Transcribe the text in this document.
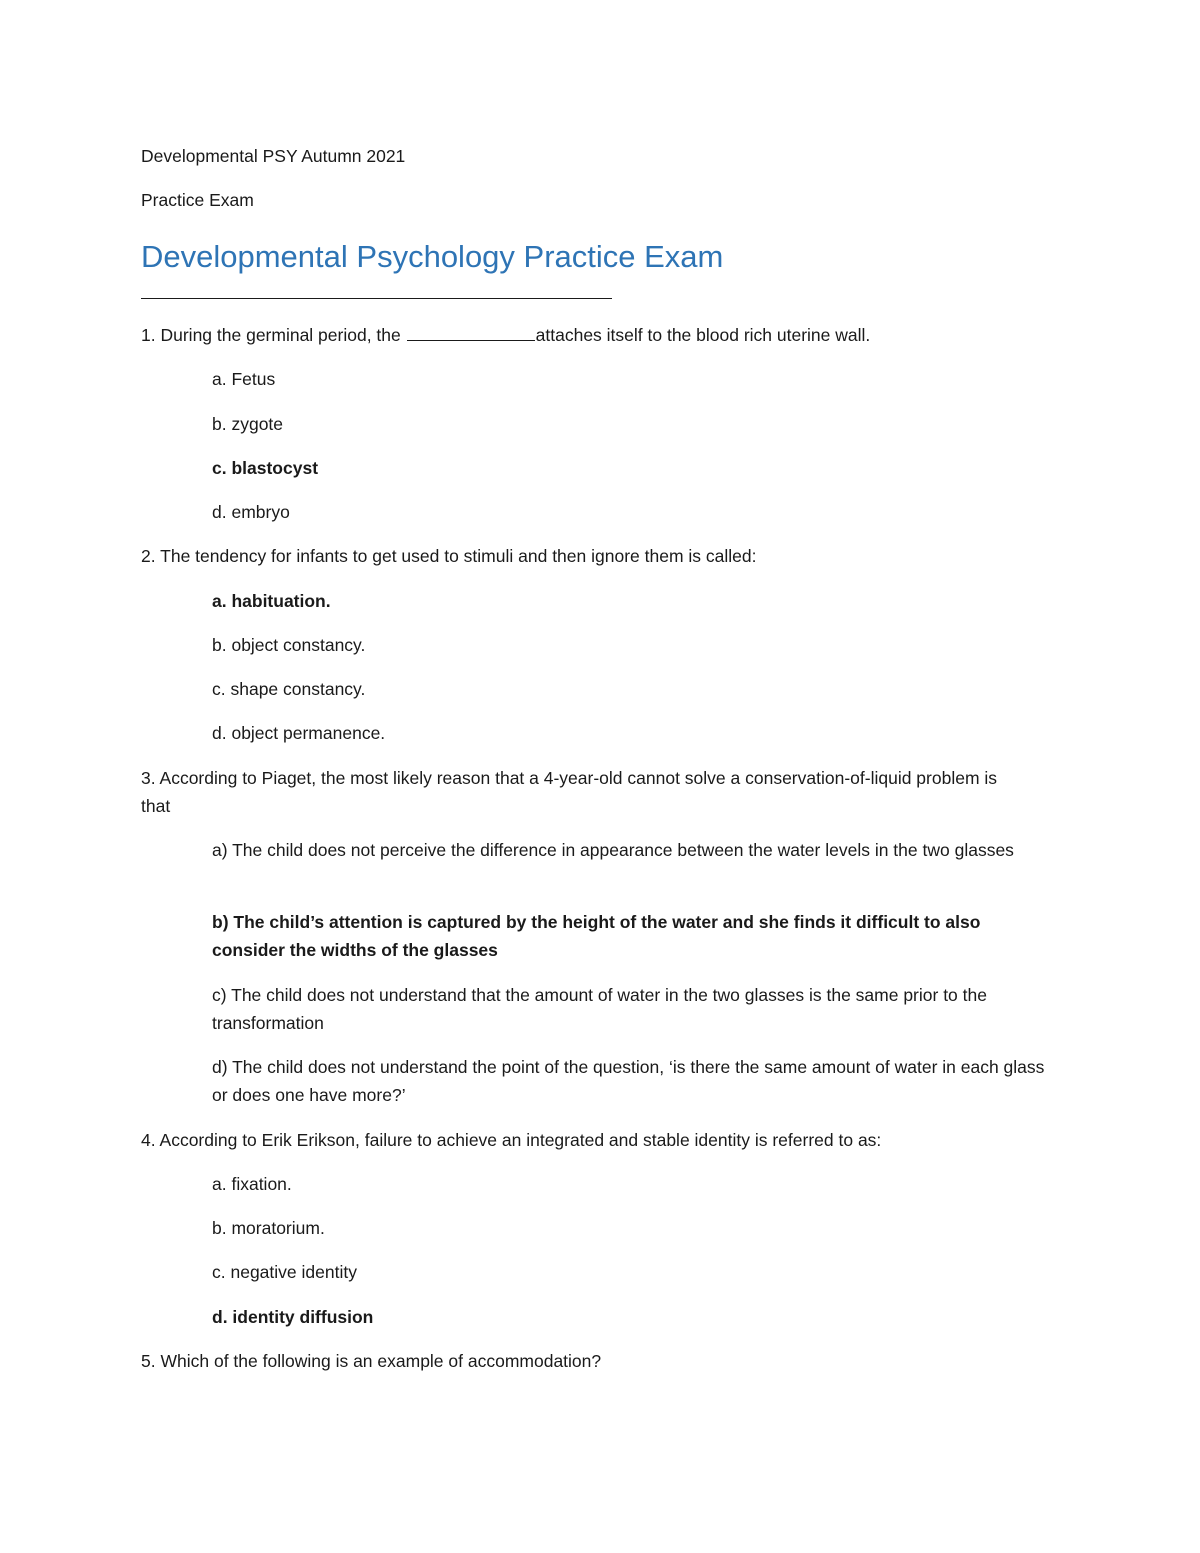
Developmental PSY Autumn 2021
Practice Exam
Developmental Psychology Practice Exam
1. During the germinal period, the	attaches itself to the blood rich uterine wall.
a. Fetus
b. zygote
c. blastocyst
d. embryo
2. The tendency for infants to get used to stimuli and then ignore them is called:
a. habituation.
b. object constancy.
c. shape constancy.
d. object permanence.
3. According to Piaget, the most likely reason that a 4-year-old cannot solve a conservation-of-liquid problem is that
a) The child does not perceive the difference in appearance between the water levels in the two glasses
b) The child’s attention is captured by the height of the water and she finds it difficult to also consider the widths of the glasses
c) The child does not understand that the amount of water in the two glasses is the same prior to the transformation
d) The child does not understand the point of the question, ‘is there the same amount of water in each glass or does one have more?’
4. According to Erik Erikson, failure to achieve an integrated and stable identity is referred to as:
a. fixation.
b. moratorium.
c. negative identity
d. identity diffusion
5. Which of the following is an example of accommodation?
